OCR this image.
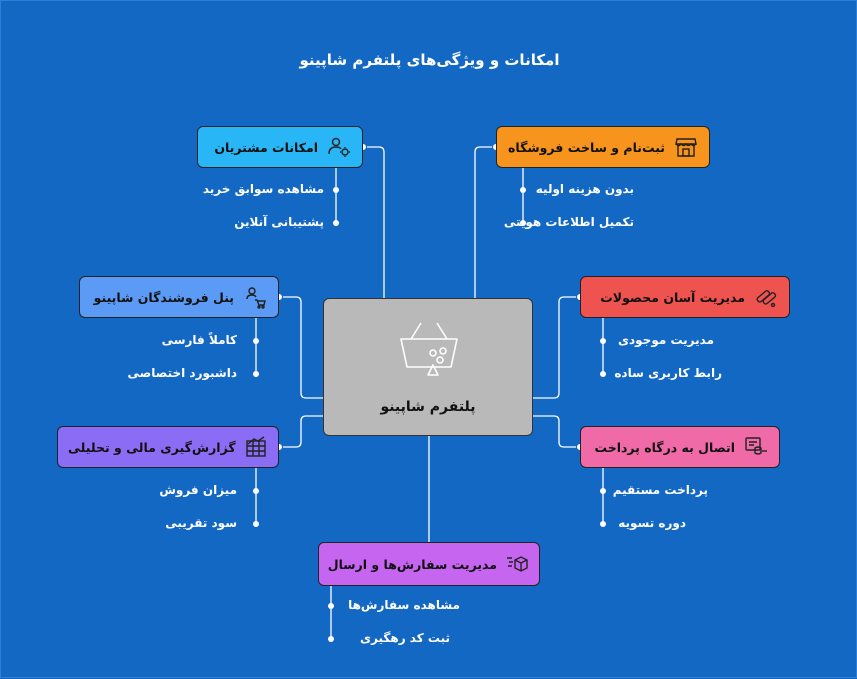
امکانات و ویژگی‌های پلتفرم شاپینو
پلتفرم شاپینو
امکانات مشتریان
مشاهده سوابق خرید
پشتیبانی آنلاین
ثبت‌نام و ساخت فروشگاه
بدون هزینه اولیه
تکمیل اطلاعات هویتی
پنل فروشندگان شاپینو
کاملاً فارسی
داشبورد اختصاصی
مدیریت آسان محصولات
مدیریت موجودی
رابط کاربری ساده
گزارش‌گیری مالی و تحلیلی
میزان فروش
سود تقریبی
اتصال به درگاه پرداخت
پرداخت مستقیم
دوره تسویه
مدیریت سفارش‌ها و ارسال
مشاهده سفارش‌ها
ثبت کد رهگیری
